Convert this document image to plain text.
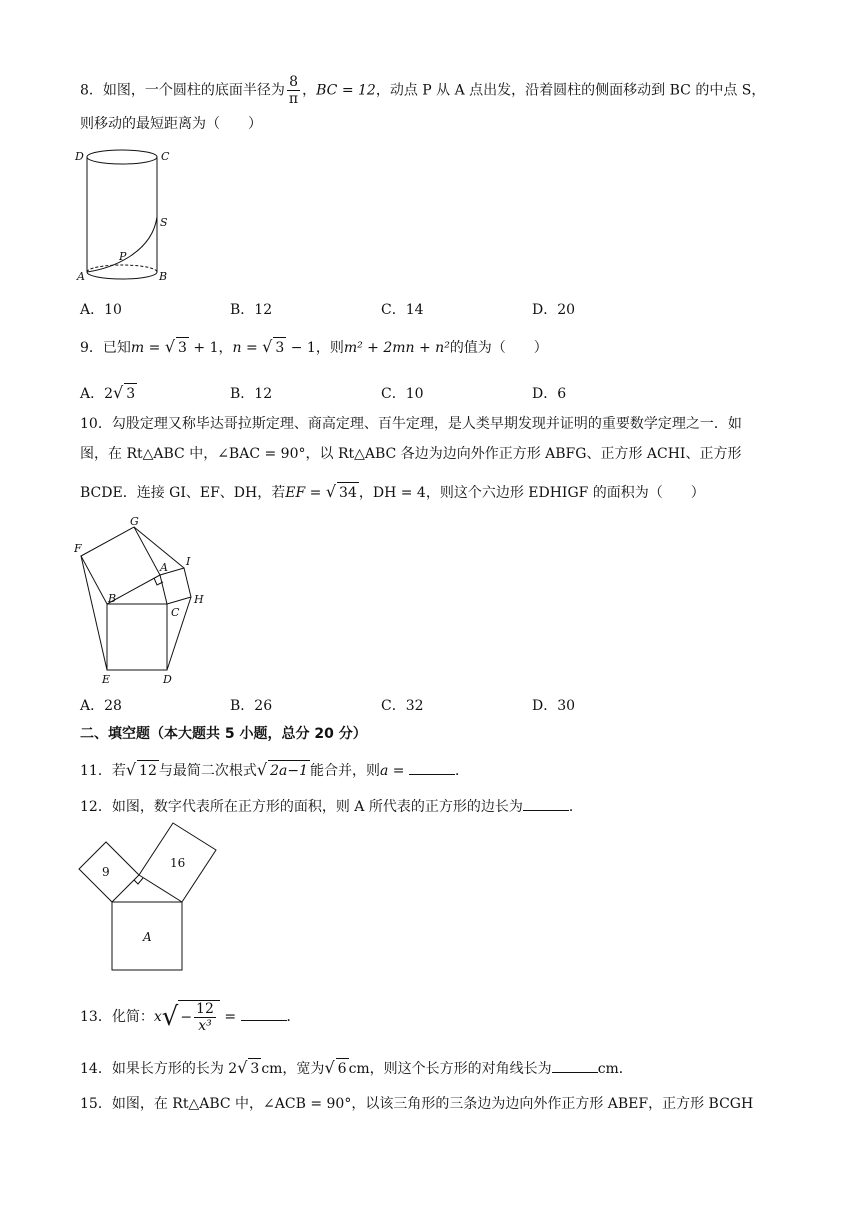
8．如图，一个圆柱的底面半径为 $\frac{8}{\pi}$ ，BC = 12，动点 P 从 A 点出发，沿着圆柱的侧面移动到 BC 的中点 S，
则移动的最短距离为（　　）
D	C
S
P
A	B
A．10	B．12	C．14	D．20
9．已知m = √ 3 + 1，n = √ 3 − 1，则m² + 2mn + n²的值为（　　）
A．2√ 3	B．12	C．10	D．6
10．勾股定理又称毕达哥拉斯定理、商高定理、百牛定理，是人类早期发现并证明的重要数学定理之一．如
图，在 Rt△ABC 中，∠BAC = 90°，以 Rt△ABC 各边为边向外作正方形 ABFG、正方形 ACHI、正方形
BCDE．连接 GI、EF、DH，若EF = √ 34 ，DH = 4，则这个六边形 EDHIGF 的面积为（　　）
G
F
A I
B
C
H
E	D
A．28	B．26	C．32	D．30
二、填空题（本大题共 5 小题，总分 20 分）
11．若√ 12 与最简二次根式√ 2a−1 能合并，则a =	．
12．如图，数字代表所在正方形的面积，则 A 所代表的正方形的边长为	．
9
16
A
13．化简：$x√ - \frac{12}{\text{x³}}$ =	．
14．如果长方形的长为 2√ 3 cm，宽为√ 6 cm，则这个长方形的对角线长为	cm．
15．如图，在 Rt△ABC 中，∠ACB = 90°，以该三角形的三条边为边向外作正方形 ABEF，正方形 BCGH
